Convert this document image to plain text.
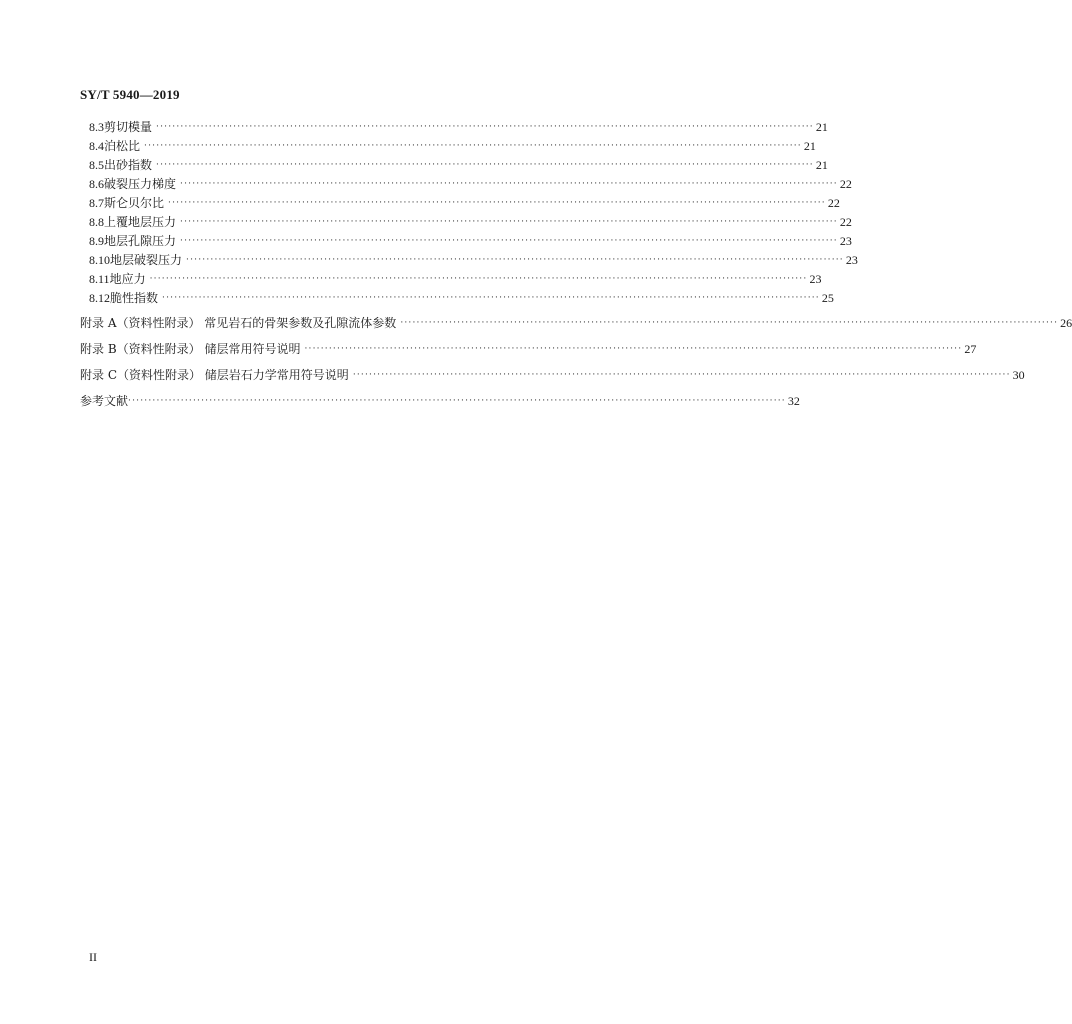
SY/T 5940—2019
8.3 剪切模量 ·································································································································································· 21
8.4 泊松比 ·································································································································································· 21
8.5 出砂指数 ·································································································································································· 21
8.6 破裂压力梯度 ·································································································································································· 22
8.7 斯仑贝尔比 ·································································································································································· 22
8.8 上覆地层压力 ·································································································································································· 22
8.9 地层孔隙压力 ·································································································································································· 23
8.10 地层破裂压力 ·································································································································································· 23
8.11 地应力 ·································································································································································· 23
8.12 脆性指数 ·································································································································································· 25
附录 A（资料性附录） 常见岩石的骨架参数及孔隙流体参数 ·································································································································································· 26
附录 B（资料性附录） 储层常用符号说明 ·································································································································································· 27
附录 C（资料性附录） 储层岩石力学常用符号说明 ·································································································································································· 30
参考文献 ·································································································································································· 32
II
